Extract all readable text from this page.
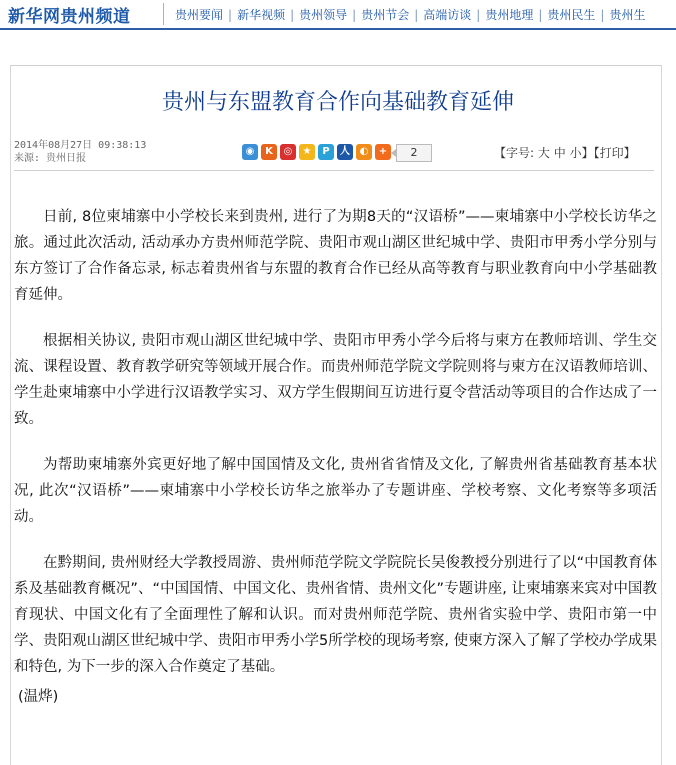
新华网贵州频道	贵州要闻 | 新华视频 | 贵州领导 | 贵州节会 | 高端访谈 | 贵州地理 | 贵州民生 | 贵州生
贵州与东盟教育合作向基础教育延伸
2014年08月27日 09:38:13
来源: 贵州日报
◉ K ◎ ★ P 人 ◐ + 2	【字号: 大 中 小】【打印】

日前, 8位柬埔寨中小学校长来到贵州, 进行了为期8天的“汉语桥”——柬埔寨中小学校长访华之旅。通过此次活动, 活动承办方贵州师范学院、贵阳市观山湖区世纪城中学、贵阳市甲秀小学分别与东方签订了合作备忘录, 标志着贵州省与东盟的教育合作已经从高等教育与职业教育向中小学基础教育延伸。

根据相关协议, 贵阳市观山湖区世纪城中学、贵阳市甲秀小学今后将与柬方在教师培训、学生交流、课程设置、教育教学研究等领域开展合作。而贵州师范学院文学院则将与柬方在汉语教师培训、学生赴柬埔寨中小学进行汉语教学实习、双方学生假期间互访进行夏令营活动等项目的合作达成了一致。

为帮助柬埔寨外宾更好地了解中国国情及文化, 贵州省省情及文化, 了解贵州省基础教育基本状况, 此次“汉语桥”——柬埔寨中小学校长访华之旅举办了专题讲座、学校考察、文化考察等多项活动。

在黔期间, 贵州财经大学教授周游、贵州师范学院文学院院长吴俊教授分别进行了以“中国教育体系及基础教育概况”、“中国国情、中国文化、贵州省情、贵州文化”专题讲座, 让柬埔寨来宾对中国教育现状、中国文化有了全面理性了解和认识。而对贵州师范学院、贵州省实验中学、贵阳市第一中学、贵阳观山湖区世纪城中学、贵阳市甲秀小学5所学校的现场考察, 使柬方深入了解了学校办学成果和特色, 为下一步的深入合作奠定了基础。

(温烨)
